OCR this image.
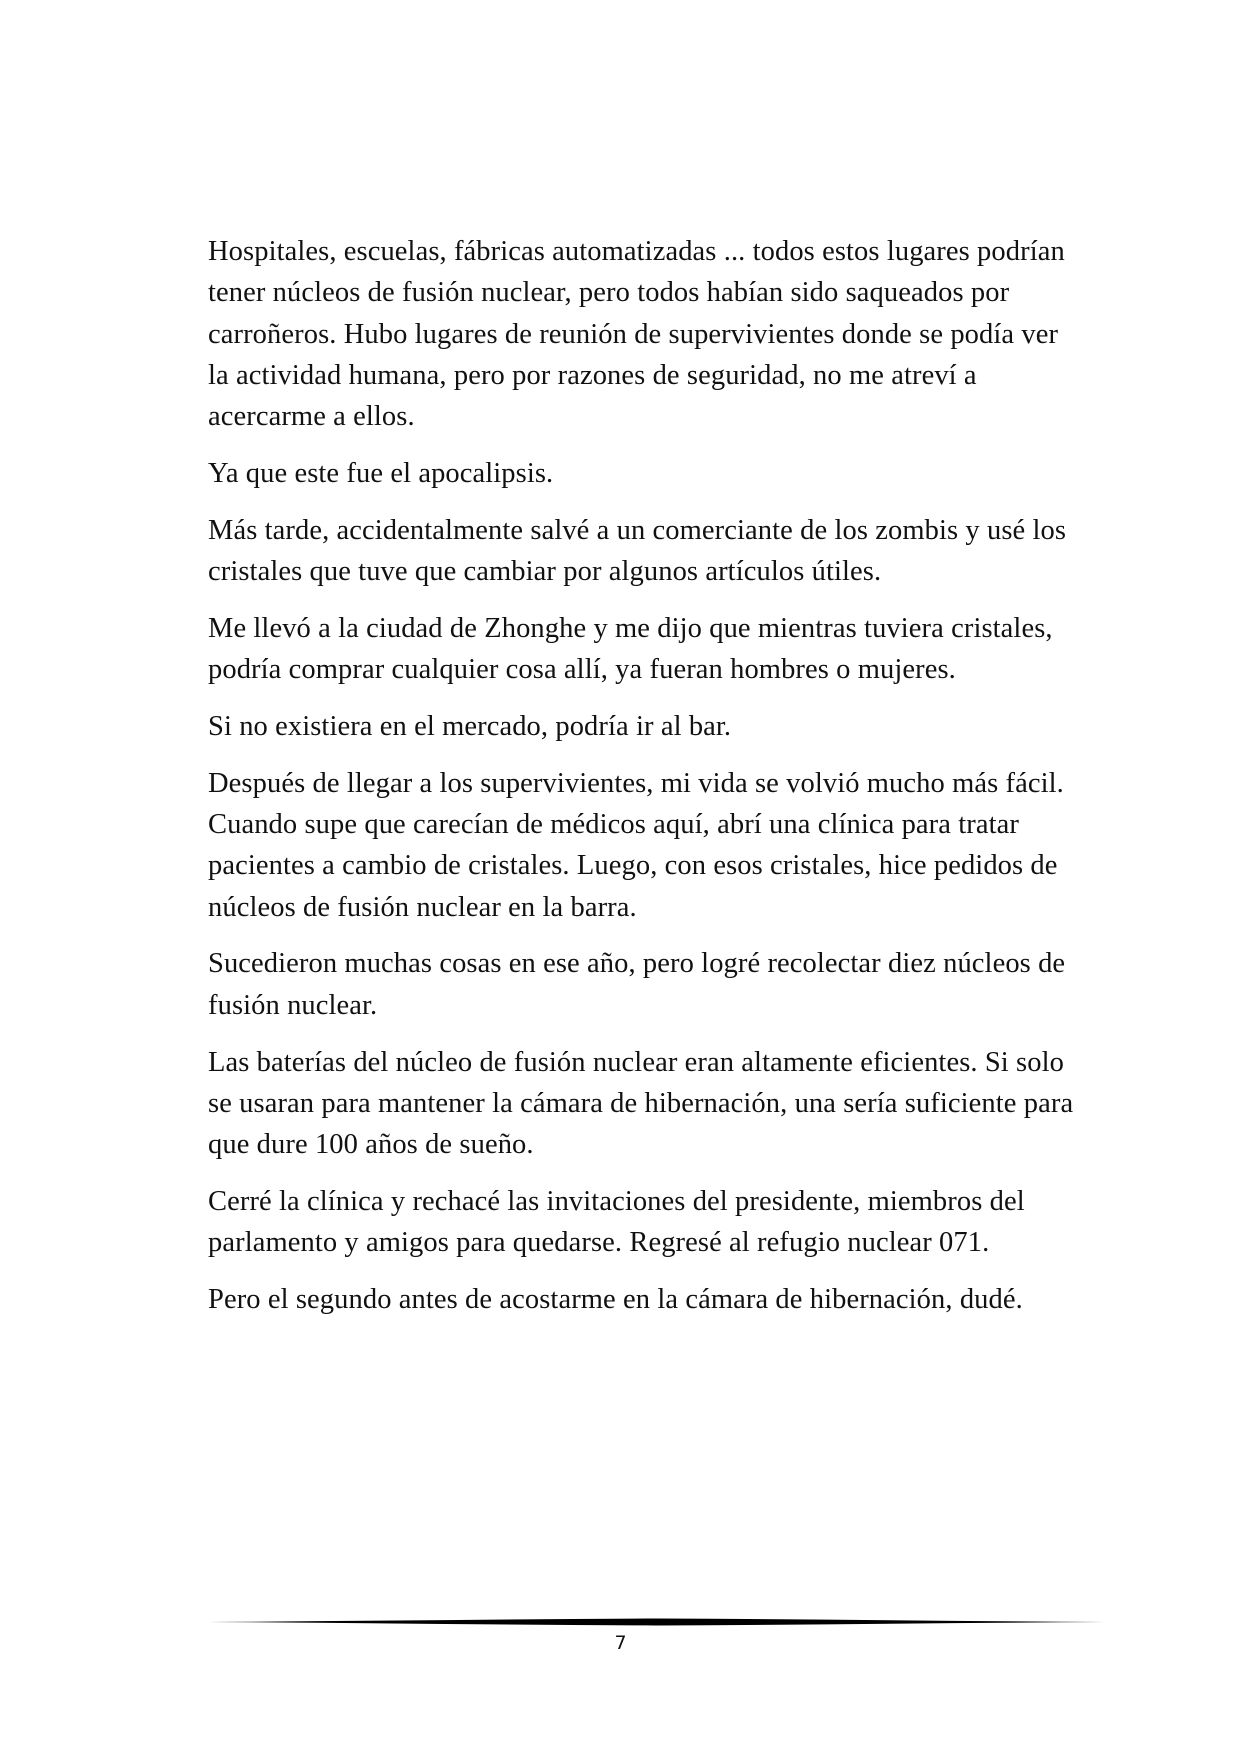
Hospitales, escuelas, fábricas automatizadas ... todos estos lugares podrían tener núcleos de fusión nuclear, pero todos habían sido saqueados por carroñeros. Hubo lugares de reunión de supervivientes donde se podía ver la actividad humana, pero por razones de seguridad, no me atreví a acercarme a ellos.

Ya que este fue el apocalipsis.

Más tarde, accidentalmente salvé a un comerciante de los zombis y usé los cristales que tuve que cambiar por algunos artículos útiles.

Me llevó a la ciudad de Zhonghe y me dijo que mientras tuviera cristales, podría comprar cualquier cosa allí, ya fueran hombres o mujeres.

Si no existiera en el mercado, podría ir al bar.

Después de llegar a los supervivientes, mi vida se volvió mucho más fácil. Cuando supe que carecían de médicos aquí, abrí una clínica para tratar pacientes a cambio de cristales. Luego, con esos cristales, hice pedidos de núcleos de fusión nuclear en la barra.

Sucedieron muchas cosas en ese año, pero logré recolectar diez núcleos de fusión nuclear.

Las baterías del núcleo de fusión nuclear eran altamente eficientes. Si solo se usaran para mantener la cámara de hibernación, una sería suficiente para que dure 100 años de sueño.

Cerré la clínica y rechacé las invitaciones del presidente, miembros del parlamento y amigos para quedarse. Regresé al refugio nuclear 071.

Pero el segundo antes de acostarme en la cámara de hibernación, dudé.

7
